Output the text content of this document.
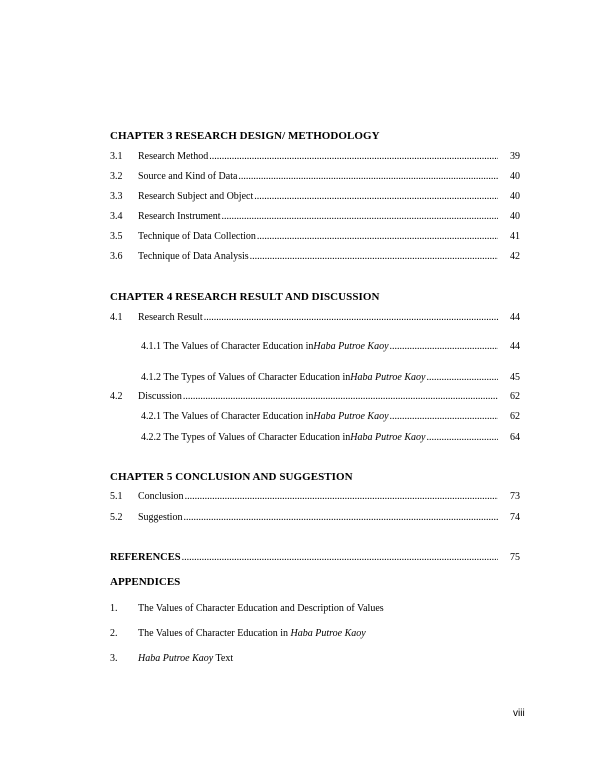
CHAPTER 3 RESEARCH DESIGN/ METHODOLOGY
3.1 Research Method .....	39
3.2 Source and Kind of Data .....	40
3.3 Research Subject and Object .....	40
3.4 Research Instrument .....	40
3.5 Technique of Data Collection .....	41
3.6 Technique of Data Analysis .....	42
CHAPTER 4 RESEARCH RESULT AND DISCUSSION
4.1 Research Result .....	44
4.1.1 The Values of Character Education in Haba Putroe Kaoy .....	44
4.1.2 The Types of Values of Character Education in Haba Putroe Kaoy .....	45
4.2 Discussion .....	62
4.2.1 The Values of Character Education in Haba Putroe Kaoy .....	62
4.2.2 The Types of Values of Character Education in Haba Putroe Kaoy .....	64
CHAPTER 5 CONCLUSION AND SUGGESTION
5.1 Conclusion .....	73
5.2 Suggestion .....	74
REFERENCES .....	75
APPENDICES
1. The Values of Character Education and Description of Values
2. The Values of Character Education in Haba Putroe Kaoy
3. Haba Putroe Kaoy Text
viii
